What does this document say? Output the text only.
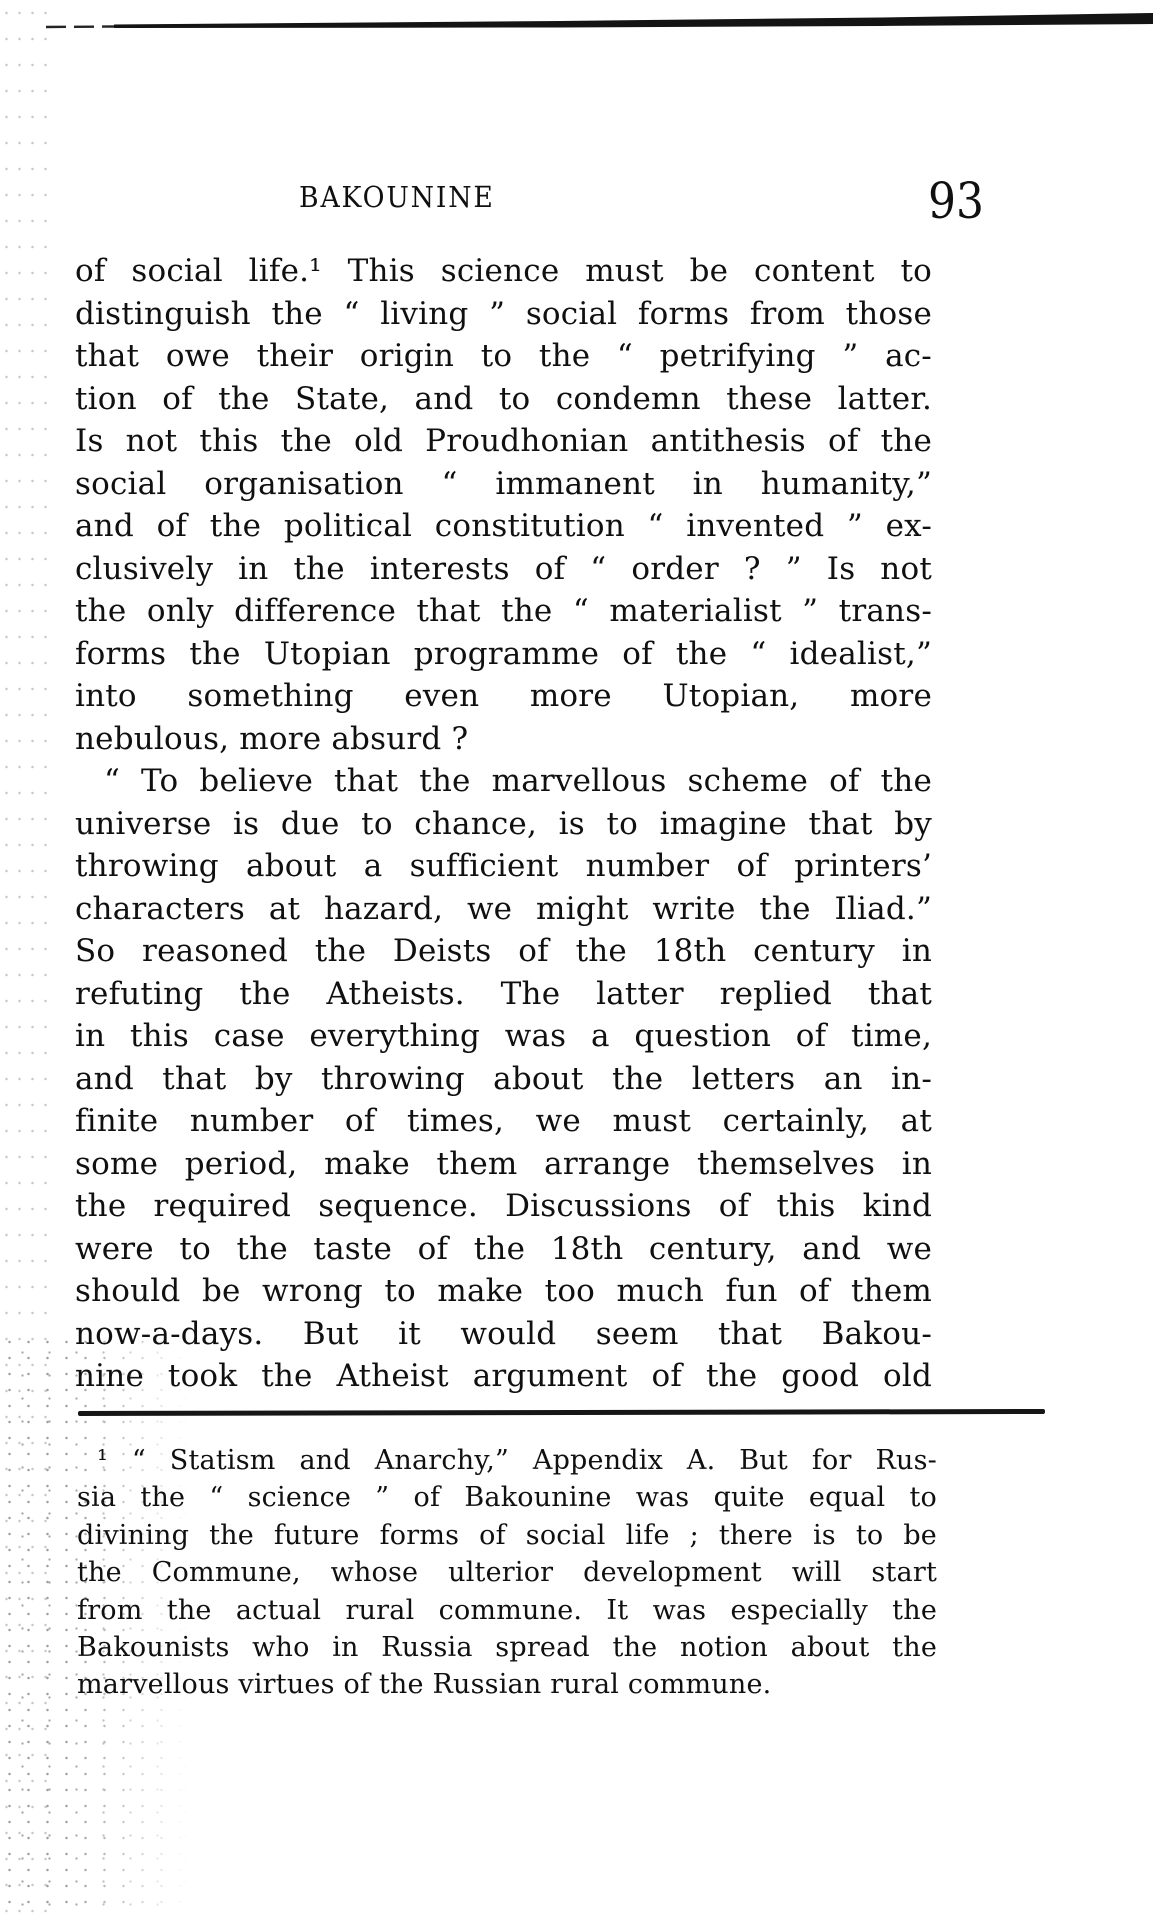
BAKOUNINE	93
of social life.¹ This science must be content to
distinguish the “ living ” social forms from those
that owe their origin to the “ petrifying ” ac-
tion of the State, and to condemn these latter.
Is not this the old Proudhonian antithesis of the
social organisation “ immanent in humanity,”
and of the political constitution “ invented ” ex-
clusively in the interests of “ order ? ” Is not
the only difference that the “ materialist ” trans-
forms the Utopian programme of the “ idealist,”
into something even more Utopian, more
nebulous, more absurd ?
“ To believe that the marvellous scheme of the
universe is due to chance, is to imagine that by
throwing about a sufficient number of printers’
characters at hazard, we might write the Iliad.”
So reasoned the Deists of the 18th century in
refuting the Atheists. The latter replied that
in this case everything was a question of time,
and that by throwing about the letters an in-
finite number of times, we must certainly, at
some period, make them arrange themselves in
the required sequence. Discussions of this kind
were to the taste of the 18th century, and we
should be wrong to make too much fun of them
now-a-days. But it would seem that Bakou-
nine took the Atheist argument of the good old
¹ “ Statism and Anarchy,” Appendix A. But for Rus-
sia the “ science ” of Bakounine was quite equal to
divining the future forms of social life ; there is to be
the Commune, whose ulterior development will start
from the actual rural commune. It was especially the
Bakounists who in Russia spread the notion about the
marvellous virtues of the Russian rural commune.
